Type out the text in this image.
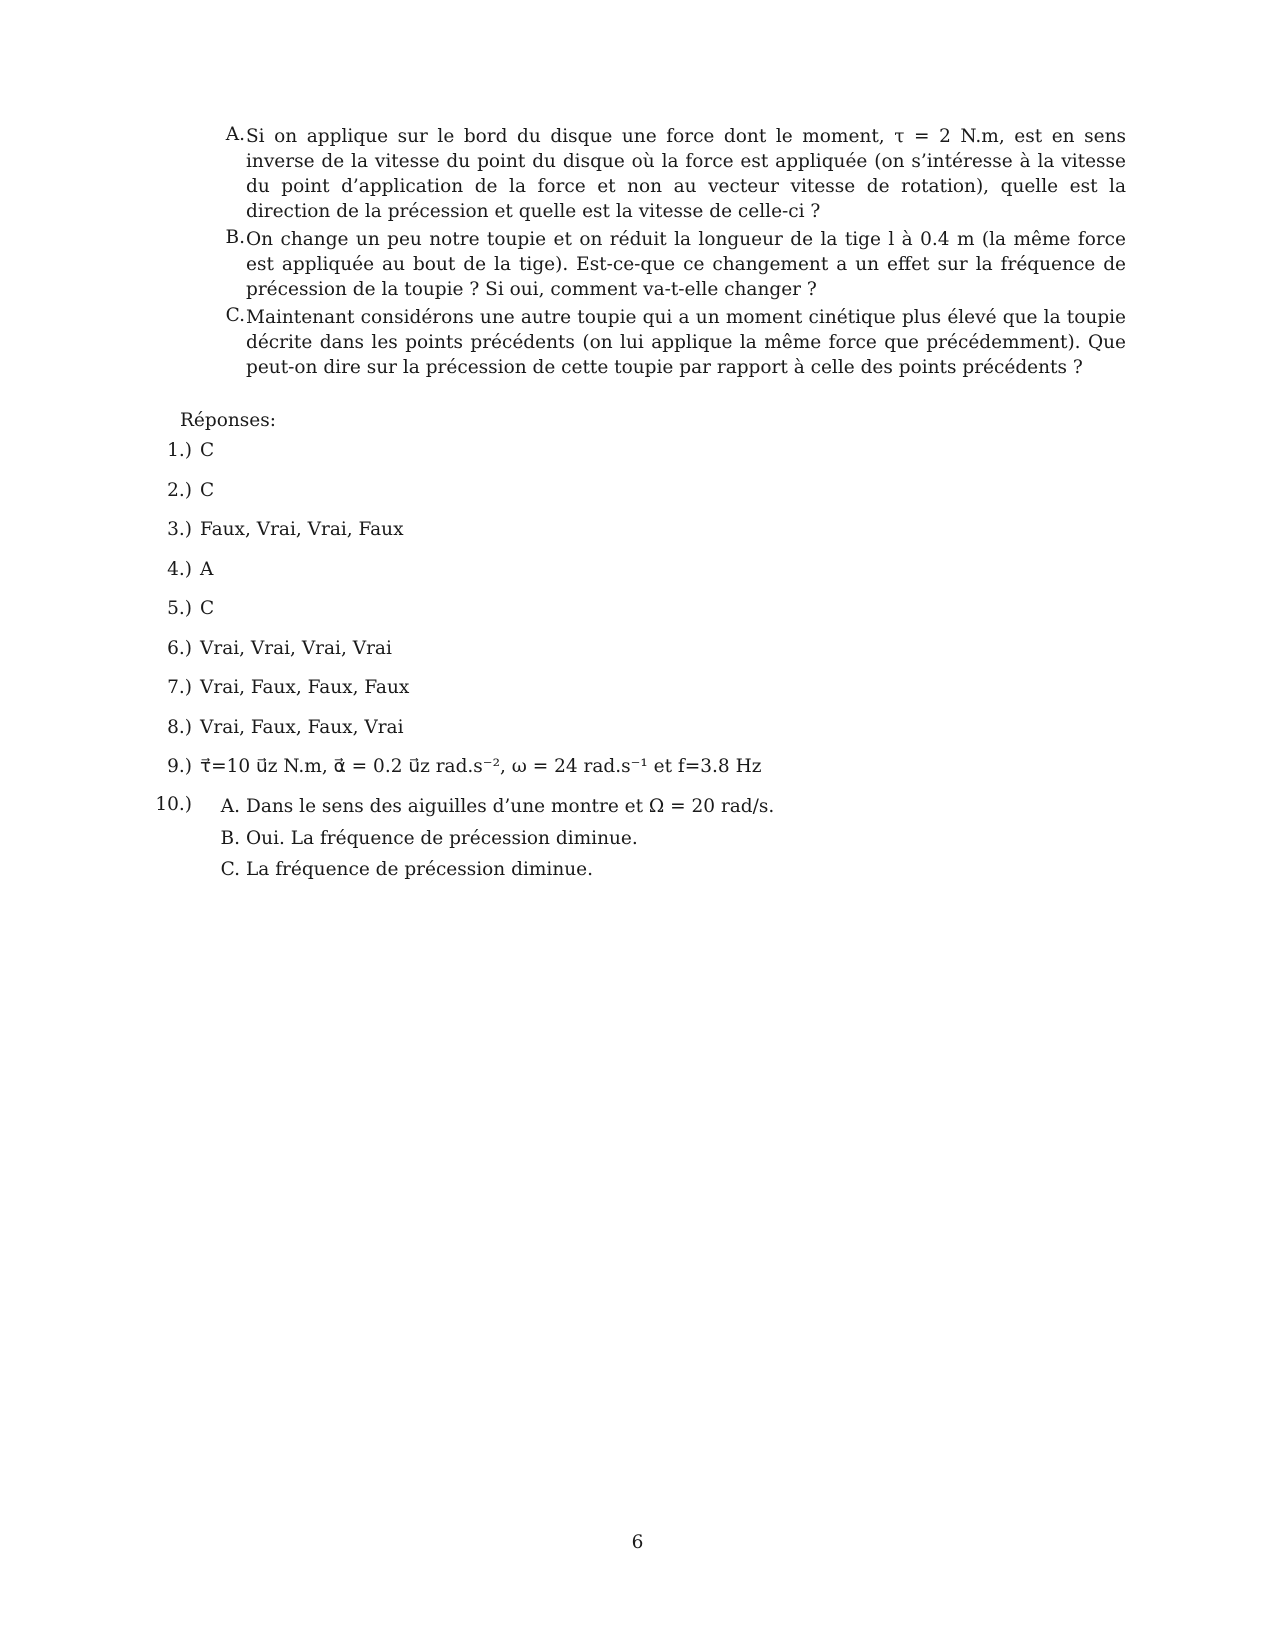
A. Si on applique sur le bord du disque une force dont le moment, τ = 2 N.m, est en sens inverse de la vitesse du point du disque où la force est appliquée (on s’intéresse à la vitesse du point d’application de la force et non au vecteur vitesse de rotation), quelle est la direction de la précession et quelle est la vitesse de celle-ci ?
B. On change un peu notre toupie et on réduit la longueur de la tige l à 0.4 m (la même force est appliquée au bout de la tige). Est-ce-que ce changement a un effet sur la fréquence de précession de la toupie ? Si oui, comment va-t-elle changer ?
C. Maintenant considérons une autre toupie qui a un moment cinétique plus élevé que la toupie décrite dans les points précédents (on lui applique la même force que précédemment). Que peut-on dire sur la précession de cette toupie par rapport à celle des points précédents ?
Réponses:
1.) C
2.) C
3.) Faux, Vrai, Vrai, Faux
4.) A
5.) C
6.) Vrai, Vrai, Vrai, Vrai
7.) Vrai, Faux, Faux, Faux
8.) Vrai, Faux, Faux, Vrai
9.) τ⃗=10 u⃗z N.m, α⃗ = 0.2 u⃗z rad.s⁻², ω = 24 rad.s⁻¹ et f=3.8 Hz
10.)	A. Dans le sens des aiguilles d’une montre et Ω = 20 rad/s.
B. Oui. La fréquence de précession diminue.
C. La fréquence de précession diminue.
6
